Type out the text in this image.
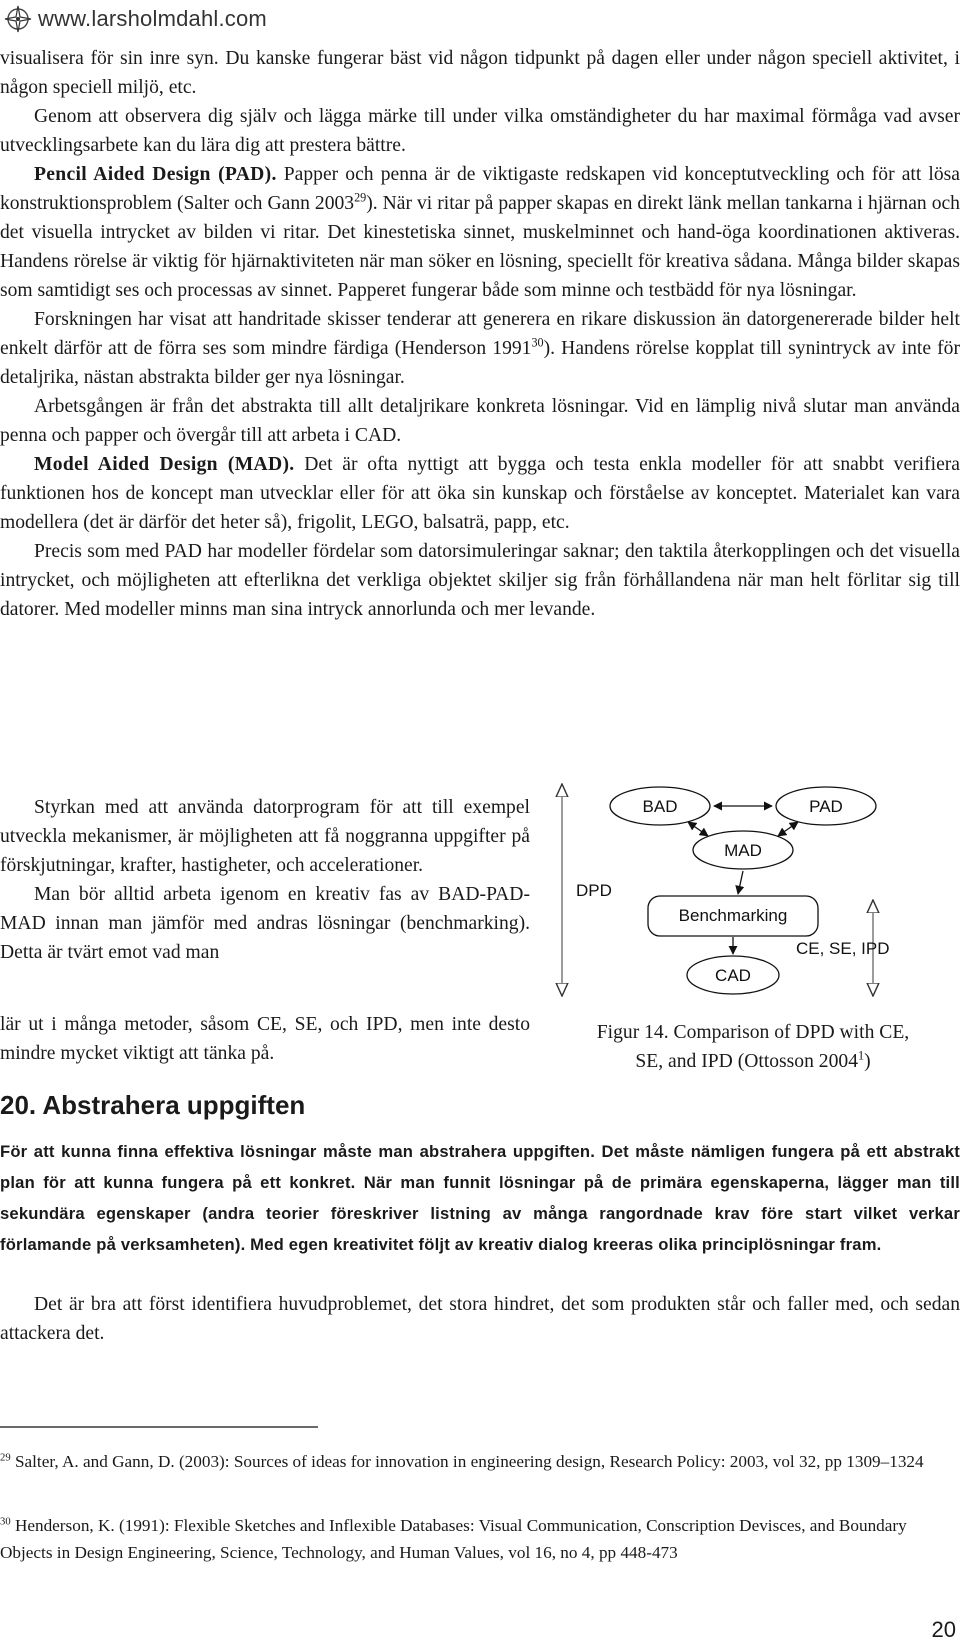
www.larsholmdahl.com

visualisera för sin inre syn. Du kanske fungerar bäst vid någon tidpunkt på dagen eller under någon speciell aktivitet, i någon speciell miljö, etc.

Genom att observera dig själv och lägga märke till under vilka omständigheter du har maximal förmåga vad avser utvecklingsarbete kan du lära dig att prestera bättre.

Pencil Aided Design (PAD). Papper och penna är de viktigaste redskapen vid konceptutveckling och för att lösa konstruktionsproblem (Salter och Gann 2003$^{29}$). När vi ritar på papper skapas en direkt länk mellan tankarna i hjärnan och det visuella intrycket av bilden vi ritar. Det kinestetiska sinnet, muskelminnet och hand-öga koordinationen aktiveras. Handens rörelse är viktig för hjärnaktiviteten när man söker en lösning, speciellt för kreativa sådana. Många bilder skapas som samtidigt ses och processas av sinnet. Papperet fungerar både som minne och testbädd för nya lösningar.

Forskningen har visat att handritade skisser tenderar att generera en rikare diskussion än datorgenererade bilder helt enkelt därför att de förra ses som mindre färdiga (Henderson 1991$^{30}$). Handens rörelse kopplat till synintryck av inte för detaljrika, nästan abstrakta bilder ger nya lösningar.

Arbetsgången är från det abstrakta till allt detaljrikare konkreta lösningar. Vid en lämplig nivå slutar man använda penna och papper och övergår till att arbeta i CAD.

Model Aided Design (MAD). Det är ofta nyttigt att bygga och testa enkla modeller för att snabbt verifiera funktionen hos de koncept man utvecklar eller för att öka sin kunskap och förståelse av konceptet. Materialet kan vara modellera (det är därför det heter så), frigolit, LEGO, balsaträ, papp, etc.

Precis som med PAD har modeller fördelar som datorsimuleringar saknar; den taktila återkopplingen och det visuella intrycket, och möjligheten att efterlikna det verkliga objektet skiljer sig från förhållandena när man helt förlitar sig till datorer. Med modeller minns man sina intryck annorlunda och mer levande.

Styrkan med att använda datorprogram för att till exempel utveckla mekanismer, är möjligheten att få noggranna uppgifter på förskjutningar, krafter, hastigheter, och accelerationer.

Man bör alltid arbeta igenom en kreativ fas av BAD-PAD-MAD innan man jämför med andras lösningar (benchmarking). Detta är tvärt emot vad man

lär ut i många metoder, såsom CE, SE, och IPD, men inte desto mindre mycket viktigt att tänka på.

DPD
BAD	PAD
MAD
Benchmarking
CAD
CE, SE, IPD
Figur 14. Comparison of DPD with CE,
SE, and IPD (Ottosson 2004$^1$)
20. Abstrahera uppgiften

För att kunna finna effektiva lösningar måste man abstrahera uppgiften. Det måste nämligen fungera på ett abstrakt plan för att kunna fungera på ett konkret. När man funnit lösningar på de primära egenskaperna, lägger man till sekundära egenskaper (andra teorier föreskriver listning av många rangordnade krav före start vilket verkar förlamande på verksamheten). Med egen kreativitet följt av kreativ dialog kreeras olika principlösningar fram.

Det är bra att först identifiera huvudproblemet, det stora hindret, det som produkten står och faller med, och sedan attackera det.

$^{29}$ Salter, A. and Gann, D. (2003): Sources of ideas for innovation in engineering design, Research Policy: 2003, vol 32, pp 1309–1324

$^{30}$ Henderson, K. (1991): Flexible Sketches and Inflexible Databases: Visual Communication, Conscription Devisces, and Boundary Objects in Design Engineering, Science, Technology, and Human Values, vol 16, no 4, pp 448-473

20
